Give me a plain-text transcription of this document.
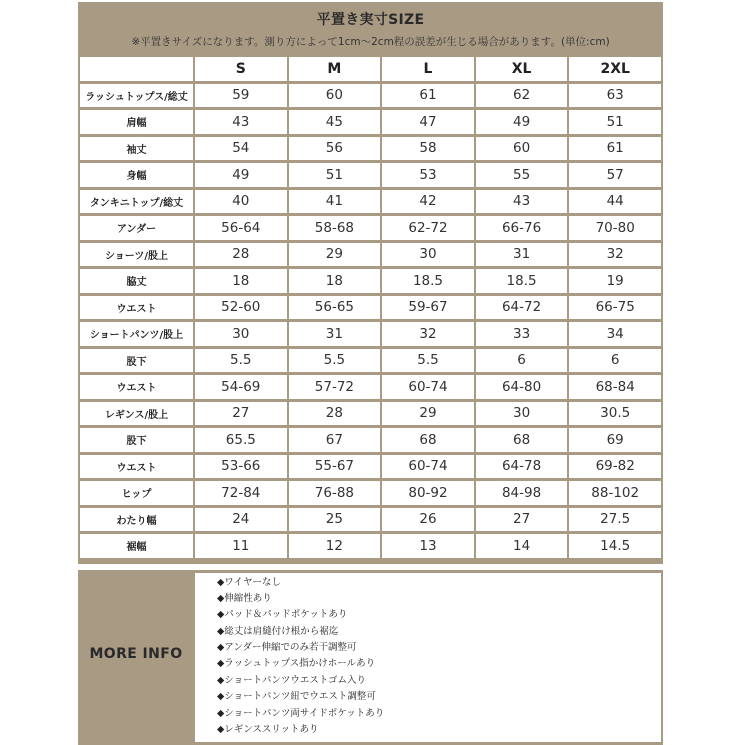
平置き実寸SIZE
※平置きサイズになります。測り方によって1cm～2cm程の誤差が生じる場合があります。(単位:cm)
	S	M	L	XL	2XL
ラッシュトップス/総丈	59	60	61	62	63
肩幅	43	45	47	49	51
袖丈	54	56	58	60	61
身幅	49	51	53	55	57
タンキニトップ/総丈	40	41	42	43	44
アンダー	56-64	58-68	62-72	66-76	70-80
ショーツ/股上	28	29	30	31	32
脇丈	18	18	18.5	18.5	19
ウエスト	52-60	56-65	59-67	64-72	66-75
ショートパンツ/股上	30	31	32	33	34
股下	5.5	5.5	5.5	6	6
ウエスト	54-69	57-72	60-74	64-80	68-84
レギンス/股上	27	28	29	30	30.5
股下	65.5	67	68	68	69
ウエスト	53-66	55-67	60-74	64-78	69-82
ヒップ	72-84	76-88	80-92	84-98	88-102
わたり幅	24	25	26	27	27.5
裾幅	11	12	13	14	14.5
MORE INFO
◆ワイヤーなし
◆伸縮性あり
◆パッド＆パッドポケットあり
◆総丈は肩縫付け根から裾迄
◆アンダー伸縮でのみ若干調整可
◆ラッシュトップス指かけホールあり
◆ショートパンツウエストゴム入り
◆ショートパンツ紐でウエスト調整可
◆ショートパンツ両サイドポケットあり
◆レギンススリットあり
